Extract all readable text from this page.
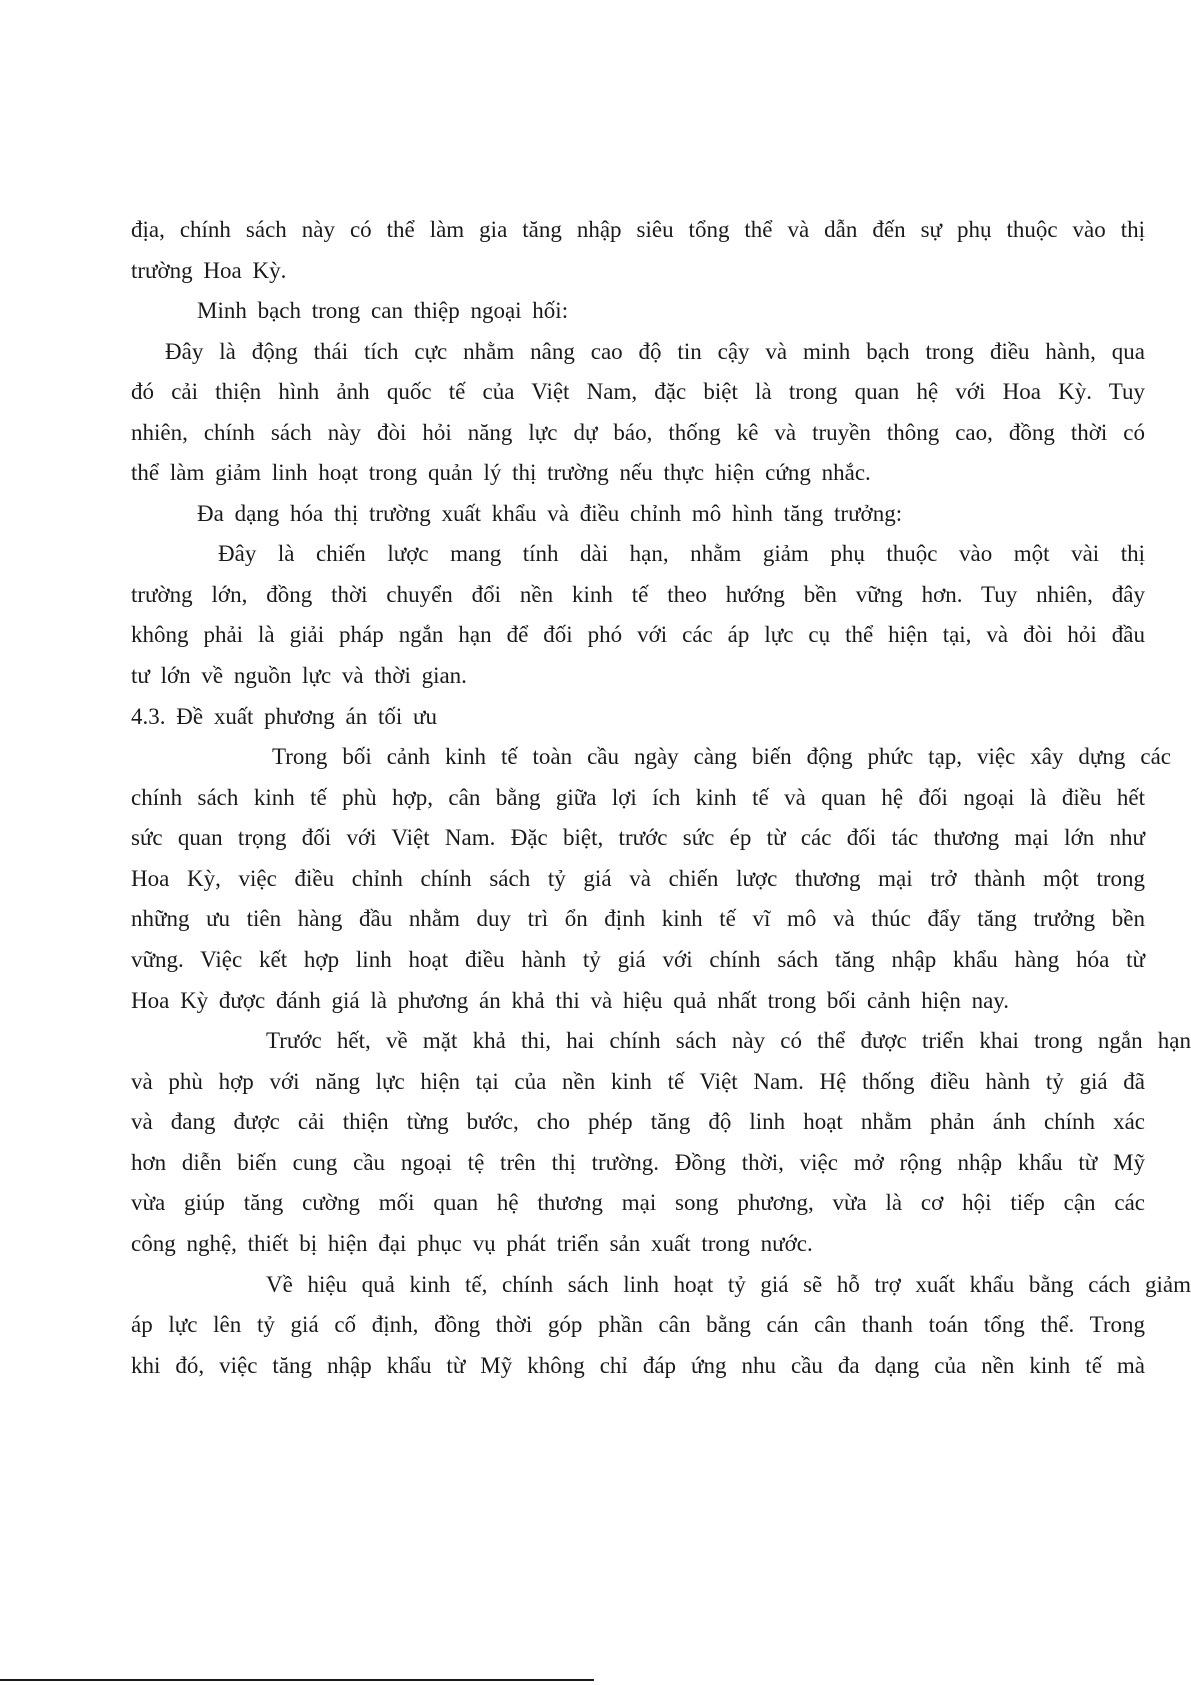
địa, chính sách này có thể làm gia tăng nhập siêu tổng thể và dẫn đến sự phụ thuộc vào thị
trường Hoa Kỳ.
Minh bạch trong can thiệp ngoại hối:
Đây là động thái tích cực nhằm nâng cao độ tin cậy và minh bạch trong điều hành, qua
đó cải thiện hình ảnh quốc tế của Việt Nam, đặc biệt là trong quan hệ với Hoa Kỳ. Tuy
nhiên, chính sách này đòi hỏi năng lực dự báo, thống kê và truyền thông cao, đồng thời có
thể làm giảm linh hoạt trong quản lý thị trường nếu thực hiện cứng nhắc.
Đa dạng hóa thị trường xuất khẩu và điều chỉnh mô hình tăng trưởng:
Đây là chiến lược mang tính dài hạn, nhằm giảm phụ thuộc vào một vài thị
trường lớn, đồng thời chuyển đổi nền kinh tế theo hướng bền vững hơn. Tuy nhiên, đây
không phải là giải pháp ngắn hạn để đối phó với các áp lực cụ thể hiện tại, và đòi hỏi đầu
tư lớn về nguồn lực và thời gian.
4.3. Đề xuất phương án tối ưu
Trong bối cảnh kinh tế toàn cầu ngày càng biến động phức tạp, việc xây dựng các
chính sách kinh tế phù hợp, cân bằng giữa lợi ích kinh tế và quan hệ đối ngoại là điều hết
sức quan trọng đối với Việt Nam. Đặc biệt, trước sức ép từ các đối tác thương mại lớn như
Hoa Kỳ, việc điều chỉnh chính sách tỷ giá và chiến lược thương mại trở thành một trong
những ưu tiên hàng đầu nhằm duy trì ổn định kinh tế vĩ mô và thúc đẩy tăng trưởng bền
vững. Việc kết hợp linh hoạt điều hành tỷ giá với chính sách tăng nhập khẩu hàng hóa từ
Hoa Kỳ được đánh giá là phương án khả thi và hiệu quả nhất trong bối cảnh hiện nay.
Trước hết, về mặt khả thi, hai chính sách này có thể được triển khai trong ngắn hạn
và phù hợp với năng lực hiện tại của nền kinh tế Việt Nam. Hệ thống điều hành tỷ giá đã
và đang được cải thiện từng bước, cho phép tăng độ linh hoạt nhằm phản ánh chính xác
hơn diễn biến cung cầu ngoại tệ trên thị trường. Đồng thời, việc mở rộng nhập khẩu từ Mỹ
vừa giúp tăng cường mối quan hệ thương mại song phương, vừa là cơ hội tiếp cận các
công nghệ, thiết bị hiện đại phục vụ phát triển sản xuất trong nước.
Về hiệu quả kinh tế, chính sách linh hoạt tỷ giá sẽ hỗ trợ xuất khẩu bằng cách giảm
áp lực lên tỷ giá cố định, đồng thời góp phần cân bằng cán cân thanh toán tổng thể. Trong
khi đó, việc tăng nhập khẩu từ Mỹ không chỉ đáp ứng nhu cầu đa dạng của nền kinh tế mà
